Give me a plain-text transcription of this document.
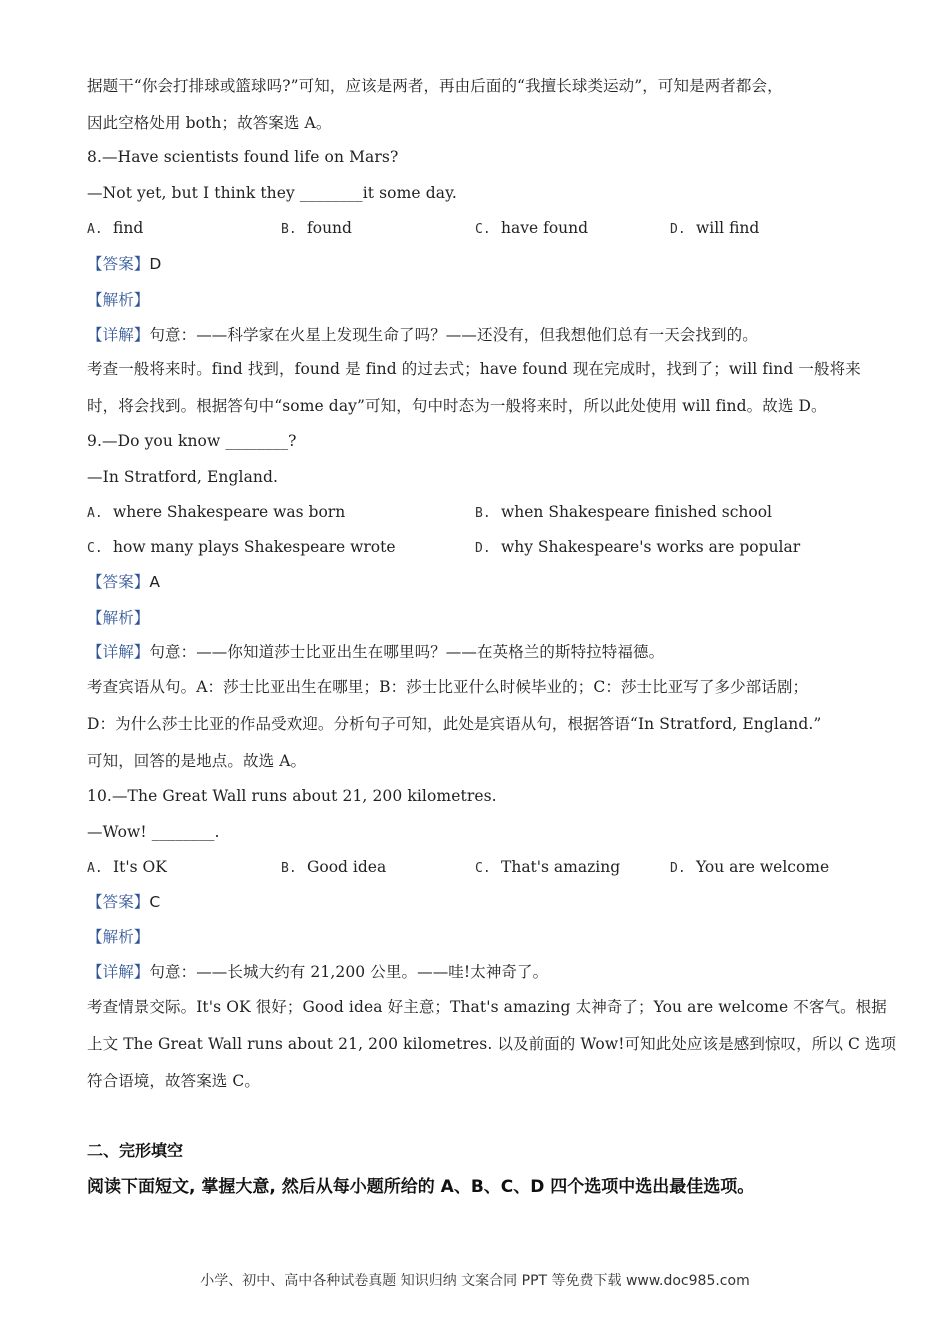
据题干“你会打排球或篮球吗?”可知，应该是两者，再由后面的“我擅长球类运动”，可知是两者都会，
因此空格处用 both；故答案选 A。
8.—Have scientists found life on Mars?
—Not yet, but I think they ________it some day.
A. find	B. found	C. have found	D. will find
【答案】D
【解析】
【详解】句意：——科学家在火星上发现生命了吗？——还没有，但我想他们总有一天会找到的。
考查一般将来时。find 找到，found 是 find 的过去式；have found 现在完成时，找到了；will find 一般将来
时，将会找到。根据答句中“some day”可知，句中时态为一般将来时，所以此处使用 will find。故选 D。
9.—Do you know ________?
—In Stratford, England.
A. where Shakespeare was born	B. when Shakespeare finished school
C. how many plays Shakespeare wrote	D. why Shakespeare's works are popular
【答案】A
【解析】
【详解】句意：——你知道莎士比亚出生在哪里吗？——在英格兰的斯特拉特福德。
考查宾语从句。A：莎士比亚出生在哪里；B：莎士比亚什么时候毕业的；C：莎士比亚写了多少部话剧；
D：为什么莎士比亚的作品受欢迎。分析句子可知，此处是宾语从句，根据答语“In Stratford, England.”
可知，回答的是地点。故选 A。
10.—The Great Wall runs about 21, 200 kilometres.
—Wow! ________.
A. It's OK	B. Good idea	C. That's amazing	D. You are welcome
【答案】C
【解析】
【详解】句意：——长城大约有 21,200 公里。——哇!太神奇了。
考查情景交际。It's OK 很好；Good idea 好主意；That's amazing 太神奇了；You are welcome 不客气。根据
上文 The Great Wall runs about 21, 200 kilometres. 以及前面的 Wow!可知此处应该是感到惊叹，所以 C 选项
符合语境，故答案选 C。
二、完形填空
阅读下面短文, 掌握大意, 然后从每小题所给的 A、B、C、D 四个选项中选出最佳选项。
小学、初中、高中各种试卷真题 知识归纳 文案合同 PPT 等免费下载 www.doc985.com
